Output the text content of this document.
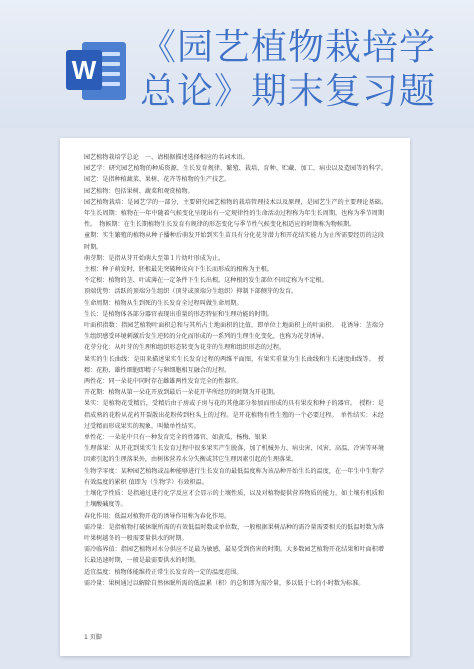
W
《园艺植物栽培学
总论》期末复习题

园艺植物栽培学总论　一、请根据描述选择相应的名词术语。

园艺学：研究园艺植物的种质资源、生长发育规律、繁殖、栽培、育种、贮藏、加工、病虫以及造园等的科学。　园艺：是指种植蔬菜、果树、花卉等植物的生产技艺。

园艺植物：包括果树、蔬菜和观赏植物。

园艺植物栽培：是园艺学的一部分，主要研究园艺植物的栽培管理技术以及原理，是园艺生产的主要理论基础。　年生长周期：植物在一年中随着气候变化呈现出有一定规律性的生命活动过程称为年生长周期，也称为季节周期性。　物候期：在生长期植物生长发育有规律的形态变化与季节性气候变化相适应的时期称为物候期。

童期：实生繁殖的植物从种子播种后萌发开始到实生苗具有分化花芽潜力和开花结实能力为止所需要经历的这段时期。

萌芽期：是指从芽开始萌大至第１片幼叶形成为止。

主根：种子萌发时，胚根最先突破种皮向下生长而形成的根称为主根。

不定根：植物的茎、叶或薄在一定条件下生长出根。这种根的发生部位不固定称为不定根。

顶端优势：活跃的顶端分生组织（顶芽或顶端分生组织）抑制下部侧芽的发育。

生命周期：植物从生到死的生长发育全过程叫做生命周期。

生长：是植物体各部分器官表现出重量的形态特征和生理功能的时期。

叶面积指数：指园艺植物叶面积总和与其所占土地面积的比值，即单位土地面积上的叶面积。　花诱导：茎端分生组织感受环境刺激后发生逆转的分化而形成的一系列的生理生化变化，也称为花芽诱导。

花芽分化：从叶芽的生理和组织形态转变为花芽的生理和组织形态的过程。

果实的生长曲线：是用来描述果实生长发育过程的两维平面图，有果实重量为生长曲线和生长速度曲线等。　授精：花粉、雄性细胞即精子与卵细胞相互融合的过程。

两性花：同一朵花中同时存在雌雄两性发育完全的性器官。

开花期：植物从第一朵花开放到最后一朵花开毕所经历的时期为开花期。

果实：是植物花受精后，受精后由子房或子房与花的其他部分参加而形成的具有果皮和种子的器官。　授粉：是指成熟的花粉从花药开裂散出花粉传到柱头上的过程。是开花植物有性生殖的一个必要过程。　单性结实：未经过受精而形成果实的现象，叫做单性结实。

单性花：一朵花中只有一种发育完全的性器官，如黄瓜、杨梅、银果

生理落果：从开花到果实生长发育过程中很多果实产生脱落，加了机械外力、病虫害、风害、高温、冷害等环境因素引起的生理落果外，由树体营养水分失衡或其它生理因素引起的生理落果。

生物学零度：某种园艺植物或品种能够进行生长发育的最低温度称为该品种开始生长的温度，在一年生中生物学有效温度的累积 值即为（生物学）有效积温。

土壤化学性质：是指通过进行化学反应才会显示的土壤性质，以及对植物提供营养物质的能力，如土壤有机质和土壤酸碱度等。

春化作用：低温对植物开花的诱导作用称为春化作用。

需冷量：是指植物打破休眠所需的有效低温时数或单位数，一般根据果树品种的需冷量需要相关的低温时数为落叶果树越冬的一般需要量供水的时期。

需冷临界值：指园艺植物对水分供应不足最为敏感，最易受到伤害的时期。大多数园艺植物开花结果和叶面积增长最迅速时期，一般是最需要供水的时期。

适宜温度：植物体能维持正常生长发育的一定的温度范围。

需冷量：果树通过以解除自然休眠所需的低温累（积）的总和即为需冷量，多以低于七的小时数为标准。

1 页脚
